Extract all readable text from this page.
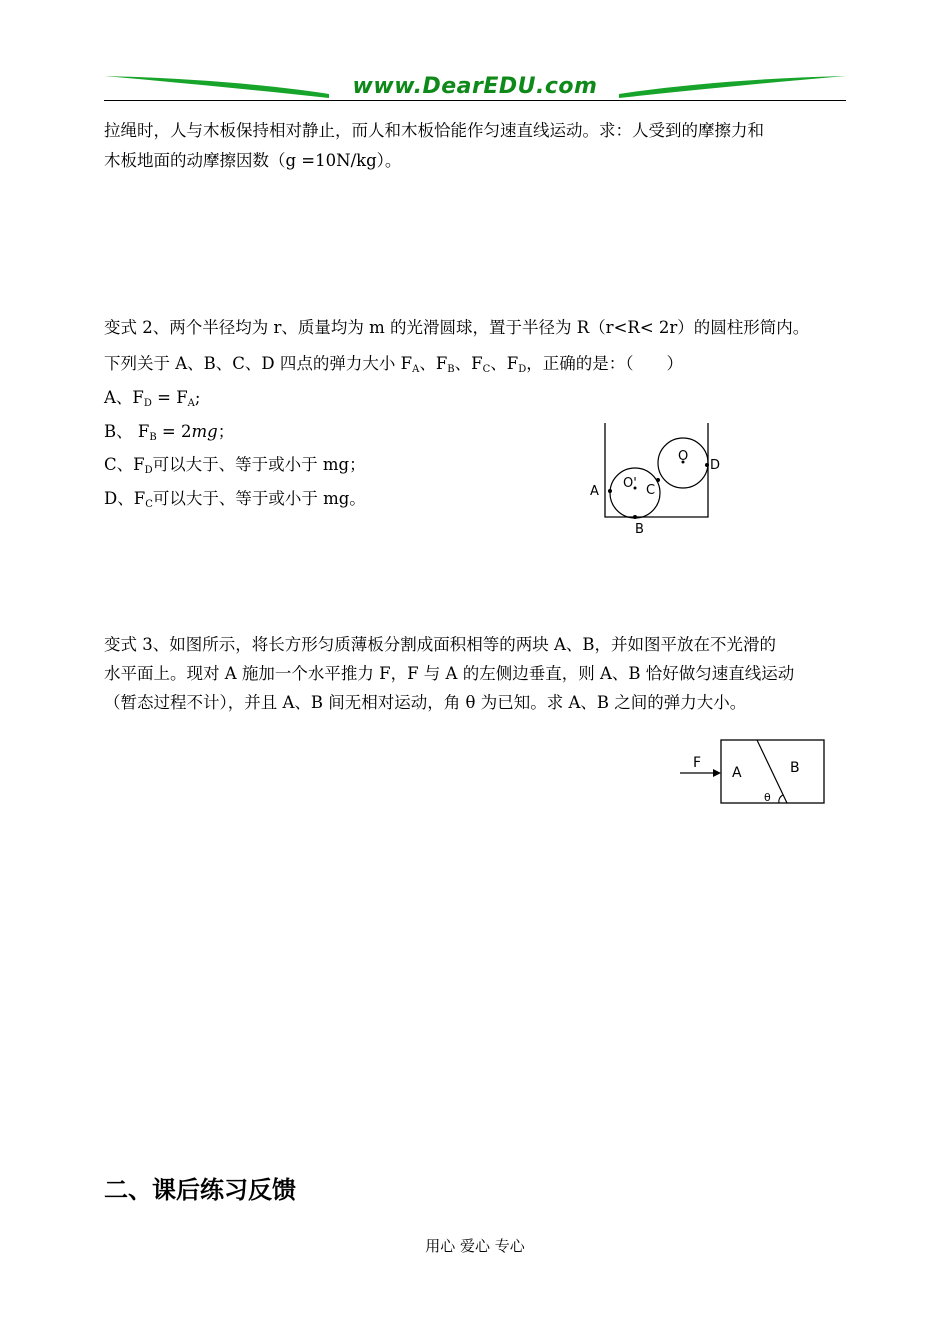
www.DearEDU.com
拉绳时，人与木板保持相对静止，而人和木板恰能作匀速直线运动。求：人受到的摩擦力和
木板地面的动摩擦因数（g =10N/kg）。
变式 2、两个半径均为 r、质量均为 m 的光滑圆球，置于半径为 R（r<R< 2r）的圆柱形筒内。
下列关于 A、B、C、D 四点的弹力大小 $F_A$、$F_B$、$F_C$、$F_D$，正确的是：（　　）
A、$F_D = F_A$;
B、 $F_B = 2mg$；
C、$F_D$可以大于、等于或小于 mg；
D、$F_C$可以大于、等于或小于 mg。	A
B
C
D
O'
O
变式 3、如图所示，将长方形匀质薄板分割成面积相等的两块 A、B，并如图平放在不光滑的
水平面上。现对 A 施加一个水平推力 F，F 与 A 的左侧边垂直，则 A、B 恰好做匀速直线运动
（暂态过程不计），并且 A、B 间无相对运动，角 θ 为已知。求 A、B 之间的弹力大小。
F
A	B
θ
二、课后练习反馈
用心 爱心 专心
